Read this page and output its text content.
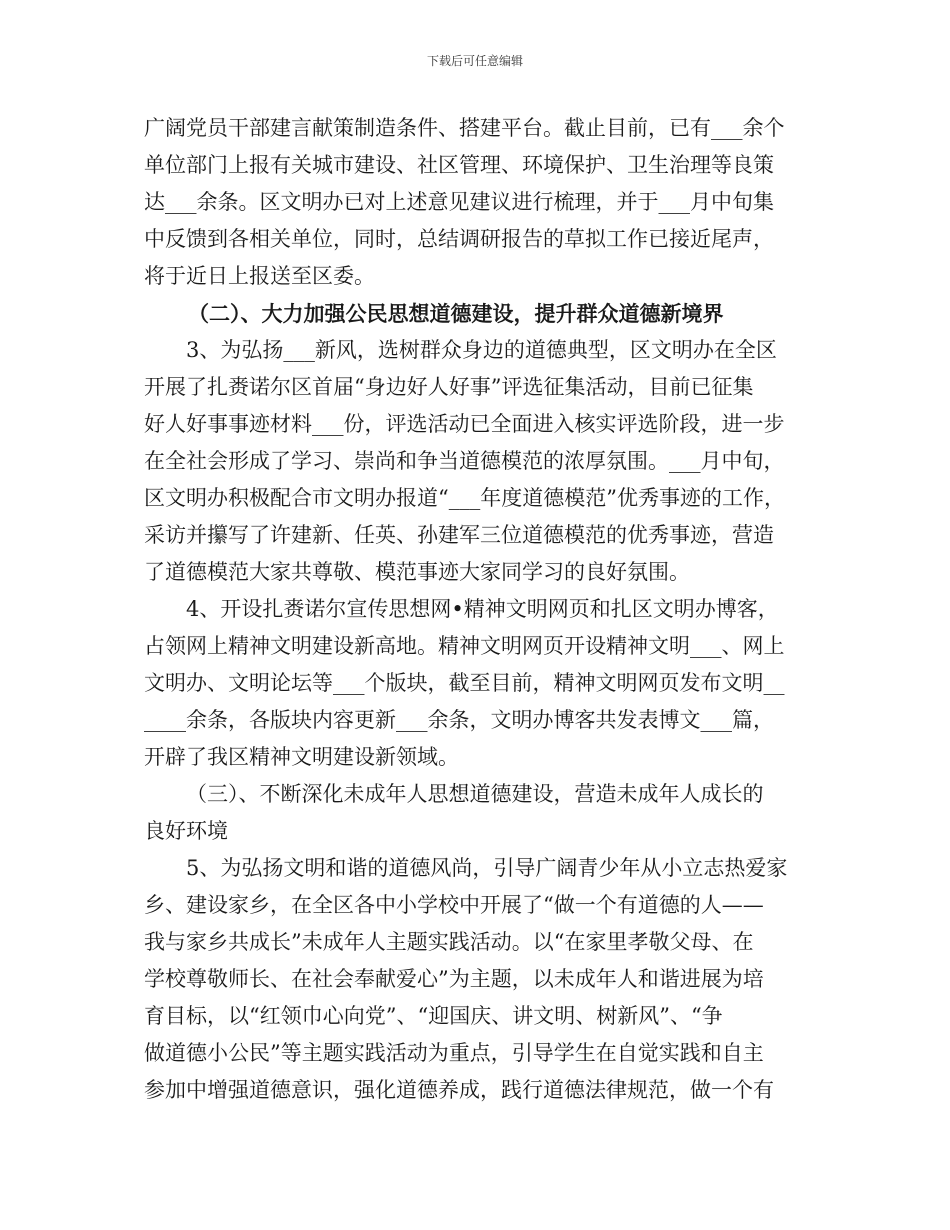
下载后可任意编辑
广阔党员干部建言献策制造条件、搭建平台。截止目前，已有___余个
单位部门上报有关城市建设、社区管理、环境保护、卫生治理等良策
达___余条。区文明办已对上述意见建议进行梳理，并于___月中旬集
中反馈到各相关单位，同时，总结调研报告的草拟工作已接近尾声，
将于近日上报送至区委。
（二）、大力加强公民思想道德建设，提升群众道德新境界
3、为弘扬___新风，选树群众身边的道德典型，区文明办在全区
开展了扎赉诺尔区首届“身边好人好事”评选征集活动，目前已征集
好人好事事迹材料___份，评选活动已全面进入核实评选阶段，进一步
在全社会形成了学习、崇尚和争当道德模范的浓厚氛围。___月中旬，
区文明办积极配合市文明办报道“___年度道德模范”优秀事迹的工作，
采访并攥写了许建新、任英、孙建军三位道德模范的优秀事迹，营造
了道德模范大家共尊敬、模范事迹大家同学习的良好氛围。
4、开设扎赉诺尔宣传思想网•精神文明网页和扎区文明办博客，
占领网上精神文明建设新高地。精神文明网页开设精神文明___、网上
文明办、文明论坛等___个版块，截至目前，精神文明网页发布文明__
____余条，各版块内容更新___余条，文明办博客共发表博文___篇，
开辟了我区精神文明建设新领域。
（三）、不断深化未成年人思想道德建设，营造未成年人成长的
良好环境
5、为弘扬文明和谐的道德风尚，引导广阔青少年从小立志热爱家
乡、建设家乡，在全区各中小学校中开展了“做一个有道德的人——
我与家乡共成长”未成年人主题实践活动。以“在家里孝敬父母、在
学校尊敬师长、在社会奉献爱心”为主题，以未成年人和谐进展为培
育目标，以“红领巾心向党”、“迎国庆、讲文明、树新风”、“争
做道德小公民”等主题实践活动为重点，引导学生在自觉实践和自主
参加中增强道德意识，强化道德养成，践行道德法律规范，做一个有
